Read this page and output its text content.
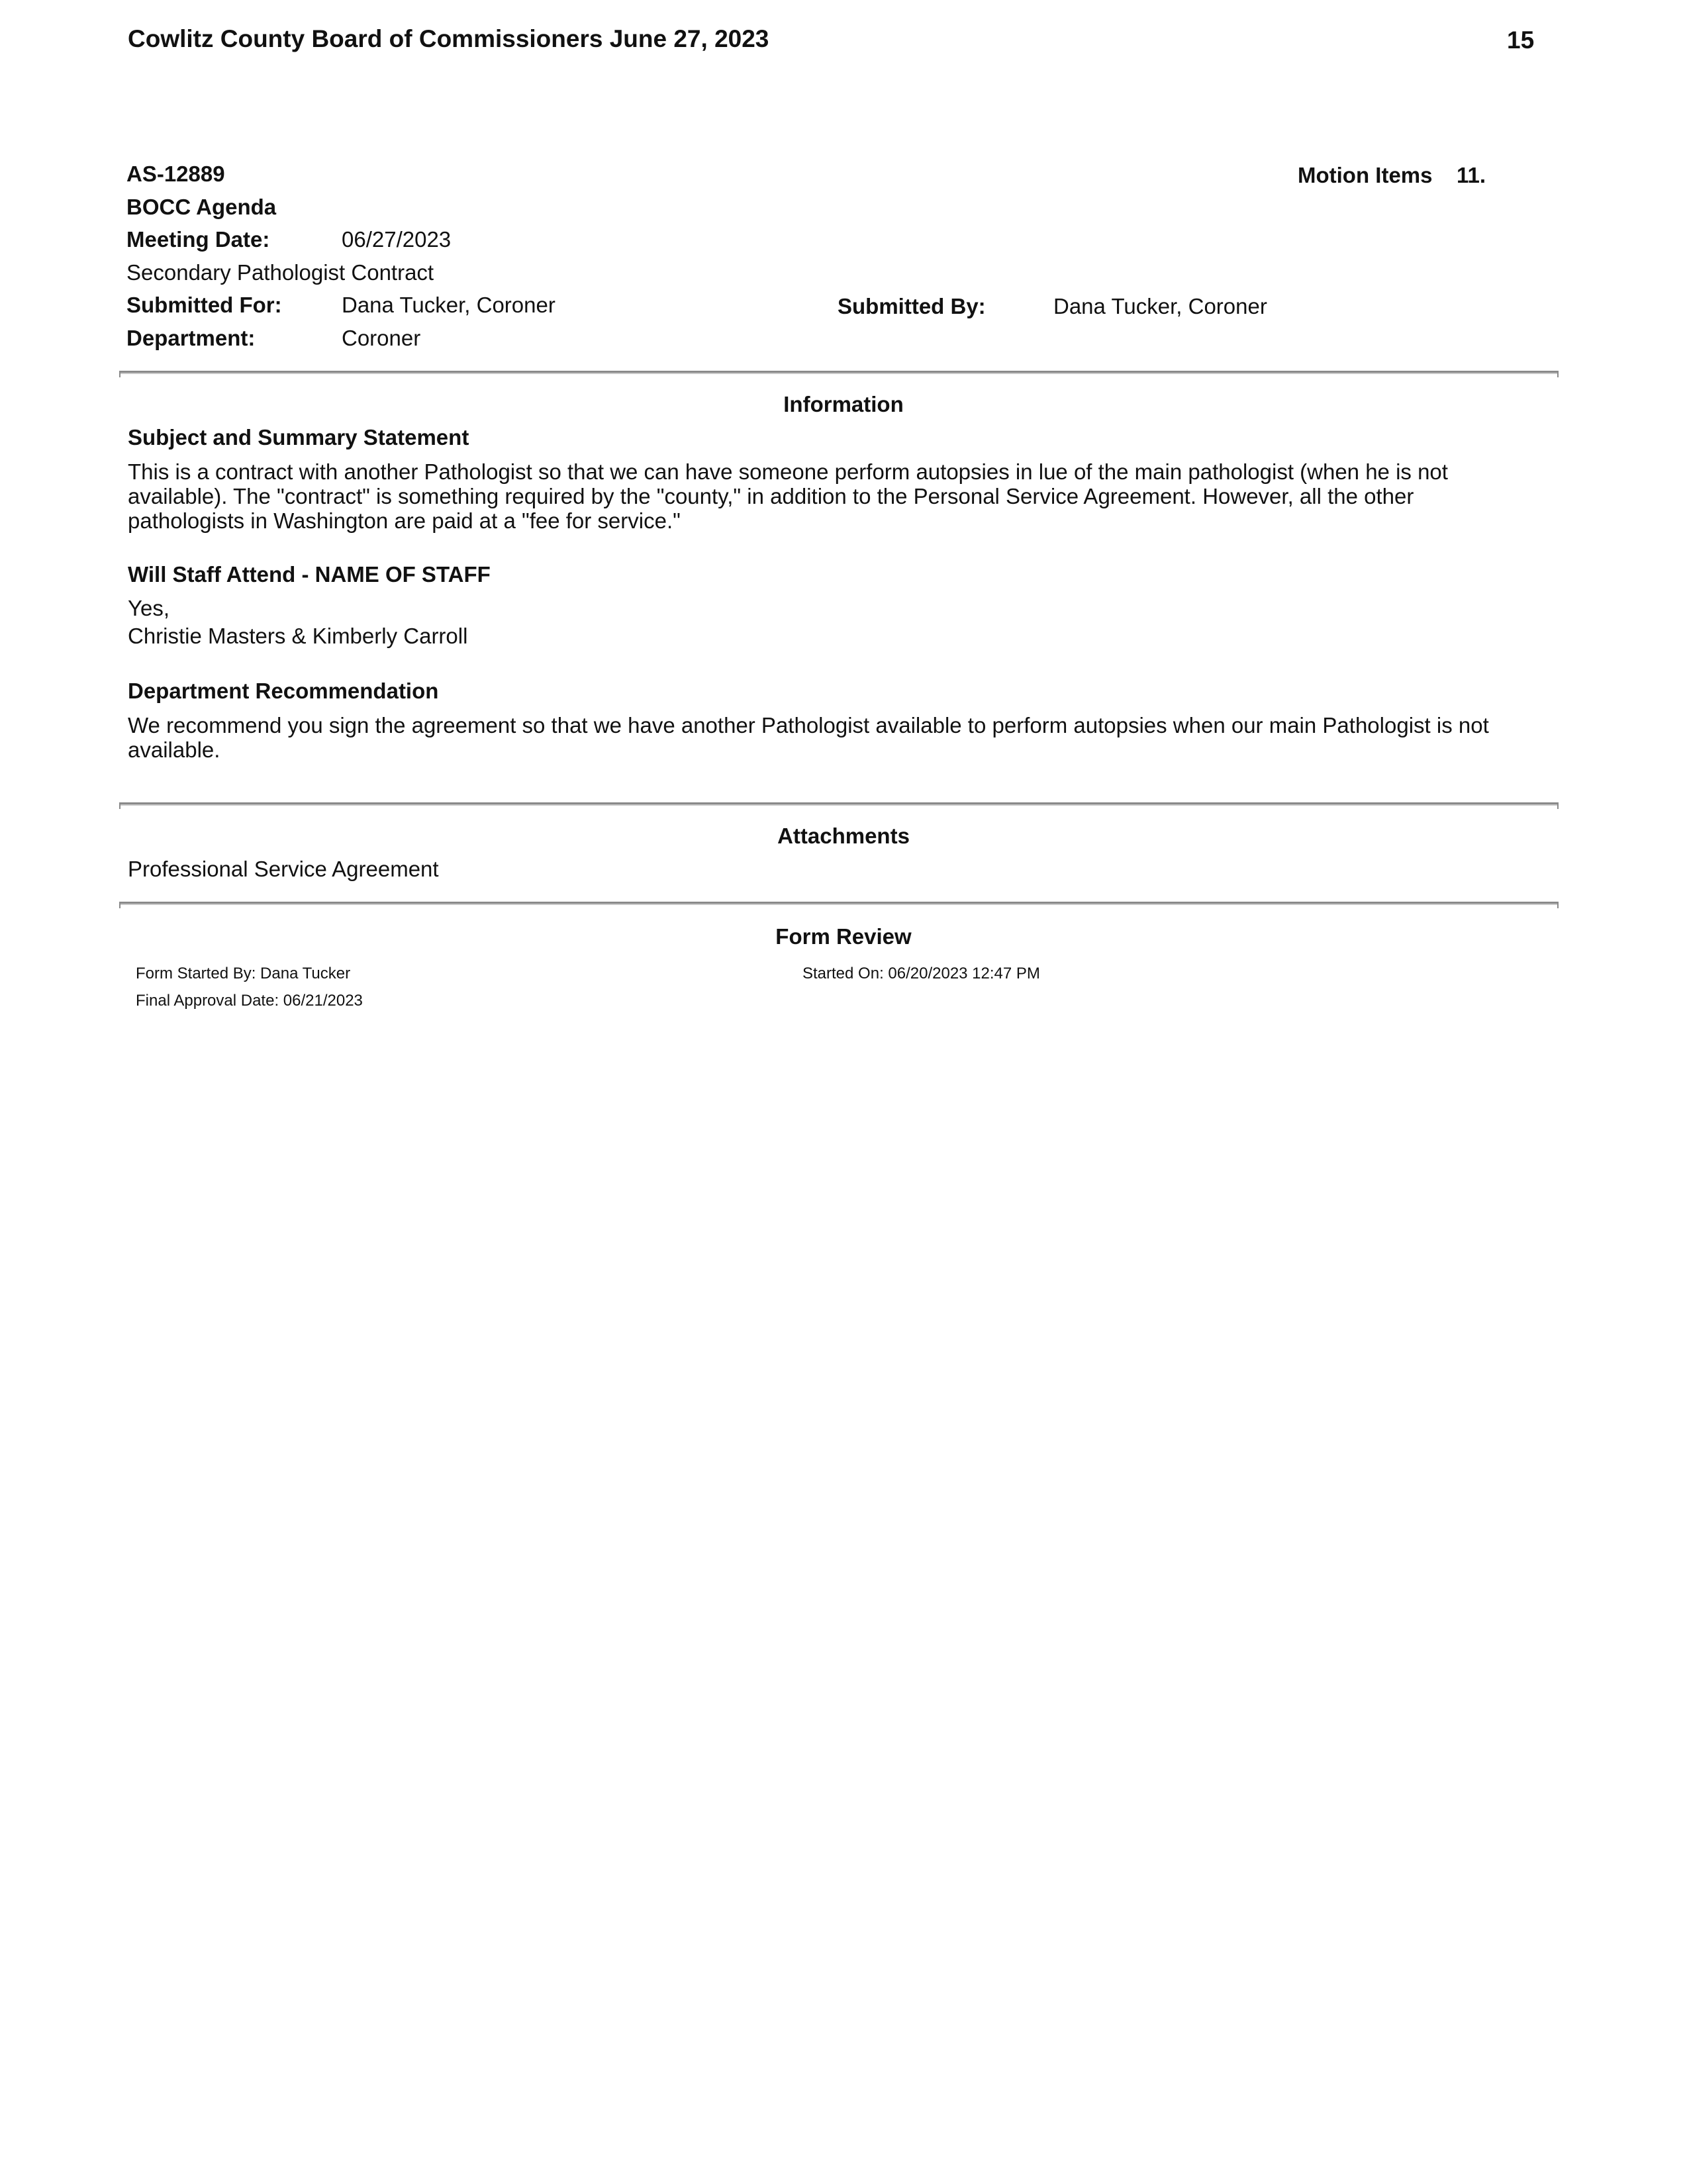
Cowlitz County Board of Commissioners June 27, 2023	15
AS-12889	Motion Items 11.
BOCC Agenda
Meeting Date:	06/27/2023
Secondary Pathologist Contract
Submitted For:	Dana Tucker, Coroner	Submitted By:	Dana Tucker, Coroner
Department:	Coroner
Information
Subject and Summary Statement
This is a contract with another Pathologist so that we can have someone perform autopsies in lue of the main pathologist (when he is not available). The "contract" is something required by the "county," in addition to the Personal Service Agreement. However, all the other pathologists in Washington are paid at a "fee for service."
Will Staff Attend - NAME OF STAFF
Yes,
Christie Masters & Kimberly Carroll
Department Recommendation
We recommend you sign the agreement so that we have another Pathologist available to perform autopsies when our main Pathologist is not available.
Attachments
Professional Service Agreement
Form Review
Form Started By: Dana Tucker	Started On: 06/20/2023 12:47 PM
Final Approval Date: 06/21/2023
